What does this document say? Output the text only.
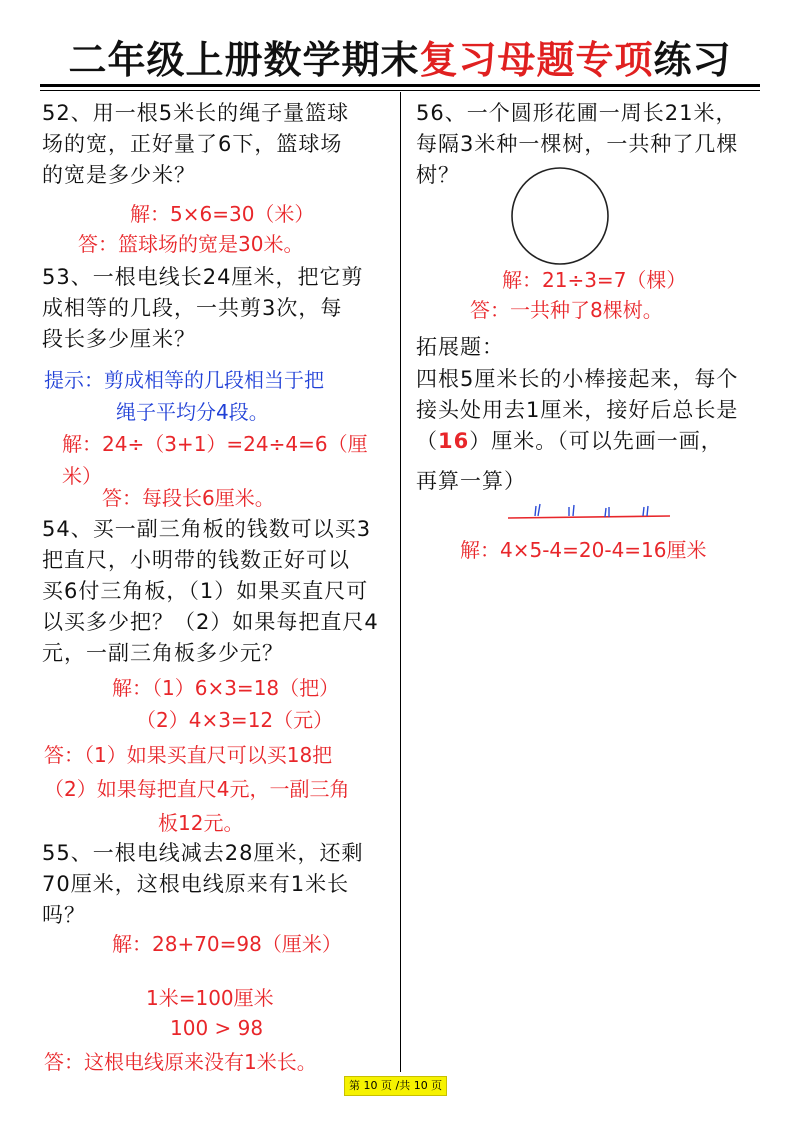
二年级上册数学期末复习母题专项练习
52、用一根5米长的绳子量篮球
场的宽，正好量了6下，篮球场
的宽是多少米？
解：5×6=30（米）
答：篮球场的宽是30米。
53、一根电线长24厘米，把它剪
成相等的几段，一共剪3次，每
段长多少厘米？
提示：剪成相等的几段相当于把
绳子平均分4段。
解：24÷（3+1）=24÷4=6（厘
米）
答：每段长6厘米。
54、买一副三角板的钱数可以买3
把直尺，小明带的钱数正好可以
买6付三角板，（1）如果买直尺可
以买多少把？（2）如果每把直尺4
元，一副三角板多少元？
解：（1）6×3=18（把）
（2）4×3=12（元）
答：（1）如果买直尺可以买18把
（2）如果每把直尺4元，一副三角
板12元。
55、一根电线减去28厘米，还剩
70厘米，这根电线原来有1米长
吗？
解：28+70=98（厘米）
1米=100厘米
100 > 98
答：这根电线原来没有1米长。
56、一个圆形花圃一周长21米，
每隔3米种一棵树，一共种了几棵
树？
解：21÷3=7（棵）
答：一共种了8棵树。
拓展题：
四根5厘米长的小棒接起来，每个
接头处用去1厘米，接好后总长是
（16）厘米。（可以先画一画，
再算一算）
解：4×5-4=20-4=16厘米
第 10 页 /共 10 页
